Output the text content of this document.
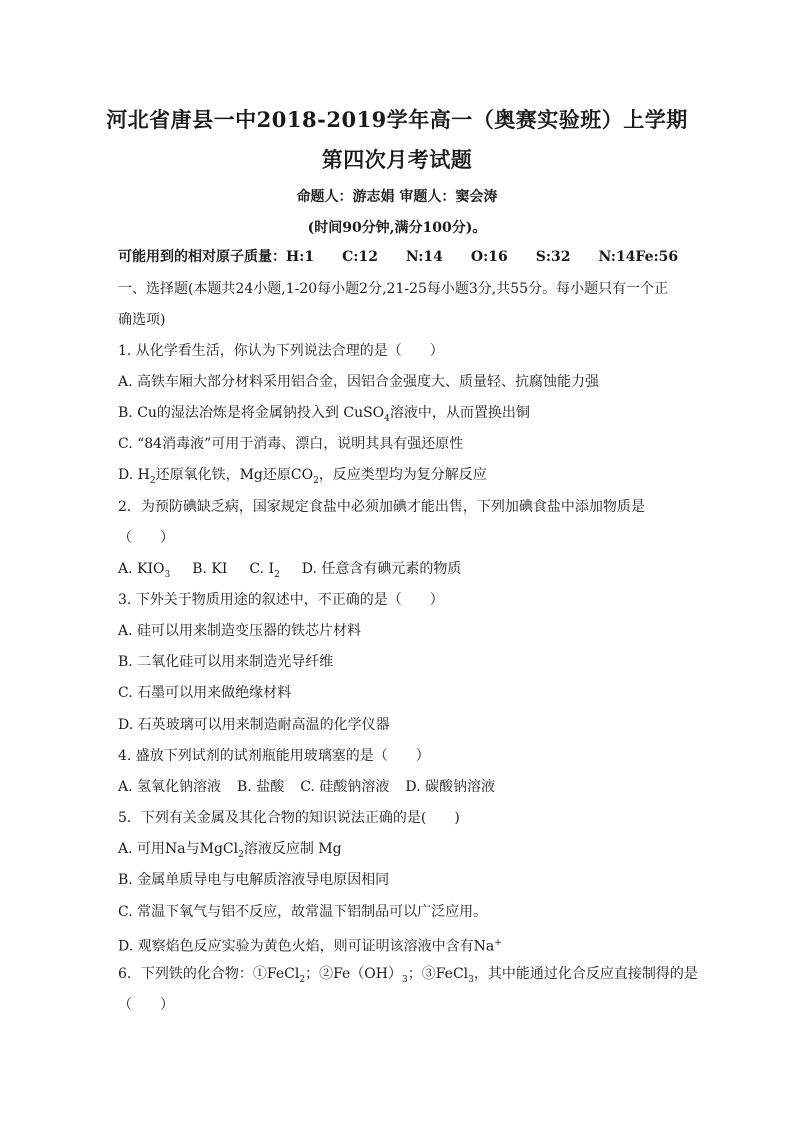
河北省唐县一中2018-2019学年高一（奥赛实验班）上学期
第四次月考试题
命题人：游志娟 审题人：窦会涛
(时间90分钟,满分100分)。
可能用到的相对原子质量：H:1　　C:12　　N:14　　O:16　　S:32　　N:14Fe:56
一、选择题(本题共24小题,1-20每小题2分,21-25每小题3分,共55分。每小题只有一个正
确选项)
1. 从化学看生活，你认为下列说法合理的是（　　）
A. 高铁车厢大部分材料采用铝合金，因铝合金强度大、质量轻、抗腐蚀能力强
B. Cu的湿法冶炼是将金属钠投入到 CuSO$_4$溶液中，从而置换出铜
C. “84消毒液”可用于消毒、漂白，说明其具有强还原性
D. $H_2$还原氧化铁，Mg还原$CO_2$，反应类型均为复分解反应
2．为预防碘缺乏病，国家规定食盐中必须加碘才能出售，下列加碘食盐中添加物质是
（　　）
A. $KIO_3$ B. KI C. $I_2$ D. 任意含有碘元素的物质
3. 下外关于物质用途的叙述中，不正确的是（　　）
A. 硅可以用来制造变压器的铁芯片材料
B. 二氧化硅可以用来制造光导纤维
C. 石墨可以用来做绝缘材料
D. 石英玻璃可以用来制造耐高温的化学仪器
4. 盛放下列试剂的试剂瓶能用玻璃塞的是（　　）
A. 氢氧化钠溶液 B. 盐酸 C. 硅酸钠溶液 D. 碳酸钠溶液
5．下列有关金属及其化合物的知识说法正确的是(　　)
A. 可用Na与MgCl$_2$溶液反应制 Mg
B. 金属单质导电与电解质溶液导电原因相同
C. 常温下氧气与铝不反应，故常温下铝制品可以广泛应用。
D. 观察焰色反应实验为黄色火焰，则可证明该溶液中含有Na+
6．下列铁的化合物：①FeCl$_2$；$②Fe(OH)_3$；③FeCl$_3$，其中能通过化合反应直接制得的是
（　　）
